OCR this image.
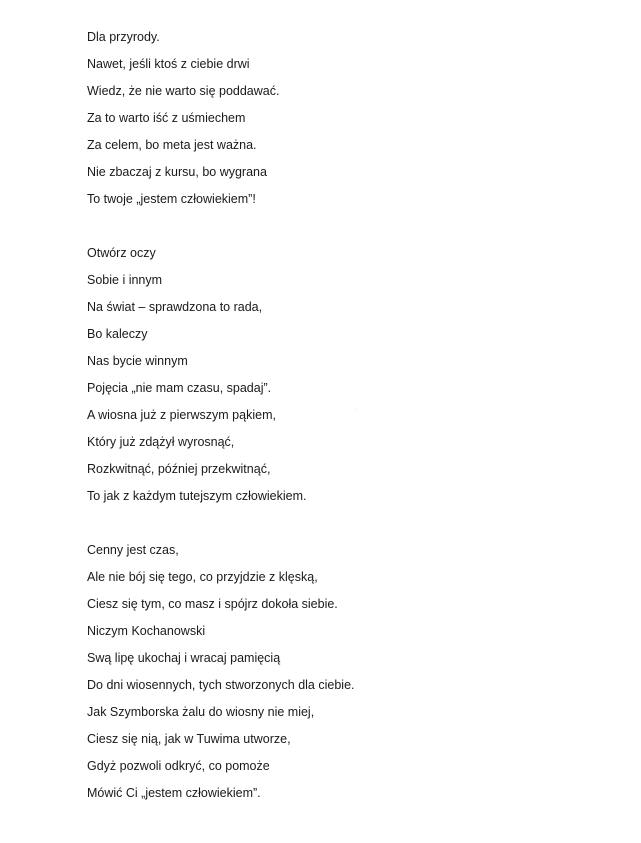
Dla przyrody.
Nawet, jeśli ktoś z ciebie drwi
Wiedz, że nie warto się poddawać.
Za to warto iść z uśmiechem
Za celem, bo meta jest ważna.
Nie zbaczaj z kursu, bo wygrana
To twoje „jestem człowiekiem”!
Otwórz oczy
Sobie i innym
Na świat – sprawdzona to rada,
Bo kaleczy
Nas bycie winnym
Pojęcia „nie mam czasu, spadaj”.
A wiosna już z pierwszym pąkiem,
Który już zdążył wyrosnąć,
Rozkwitnąć, później przekwitnąć,
To jak z każdym tutejszym człowiekiem.
Cenny jest czas,
Ale nie bój się tego, co przyjdzie z klęską,
Ciesz się tym, co masz i spójrz dokoła siebie.
Niczym Kochanowski
Swą lipę ukochaj i wracaj pamięcią
Do dni wiosennych, tych stworzonych dla ciebie.
Jak Szymborska żalu do wiosny nie miej,
Ciesz się nią, jak w Tuwima utworze,
Gdyż pozwoli odkryć, co pomoże
Mówić Ci „jestem człowiekiem”.
·
